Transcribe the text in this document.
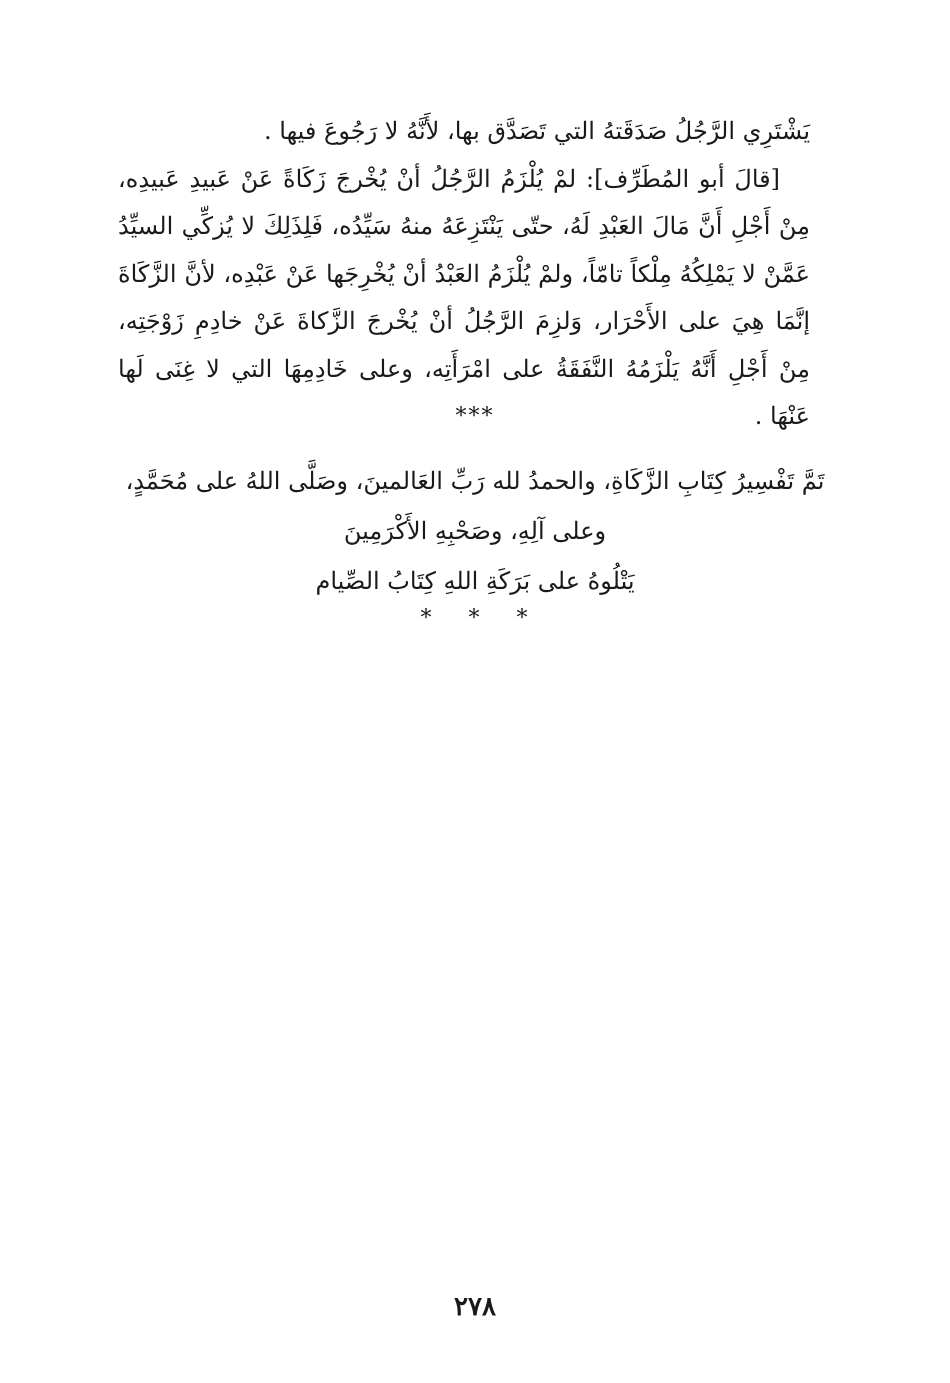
يَشْتَرِي الرَّجُلُ صَدَقَتهُ التي تَصَدَّق بها، لأَنَّهُ لا رَجُوعَ فيها .

[قالَ أبو المُطَرِّف]: لمْ يُلْزَمُ الرَّجُلُ أنْ يُخْرجَ زَكَاةً عَنْ عَبيدِ عَبيدِه، مِنْ أَجْلِ أَنَّ مَالَ العَبْدِ لَهُ، حتّى يَنْتَزِعَهُ منهُ سَيِّدُه، فَلِذَلِكَ لا يُزكِّي السيِّدُ عَمَّنْ لا يَمْلِكُهُ مِلْكاً تامّاً، ولمْ يُلْزَمُ العَبْدُ أنْ يُخْرِجَها عَنْ عَبْدِه، لأنَّ الزَّكَاةَ إنَّمَا هِيَ على الأَحْرَار، وَلزِمَ الرَّجُلُ أنْ يُخْرجَ الزَّكاةَ عَنْ خادِمِ زَوْجَتِه، مِنْ أَجْلِ أَنَّهُ يَلْزَمُهُ النَّفَقَةُ على امْرَأَتِه، وعلى خَادِمِهَا التي لا غِنَى لَها عَنْهَا .

***
تَمَّ تَفْسِيرُ كِتَابِ الزَّكَاةِ، والحمدُ لله رَبِّ العَالمينَ، وصَلَّى اللهُ على مُحَمَّدٍ،
وعلى آلِهِ، وصَحْبِهِ الأَكْرَمِينَ
يَتْلُوهُ على بَرَكَةِ اللهِ كِتَابُ الصِّيام
* * *
٢٧٨
